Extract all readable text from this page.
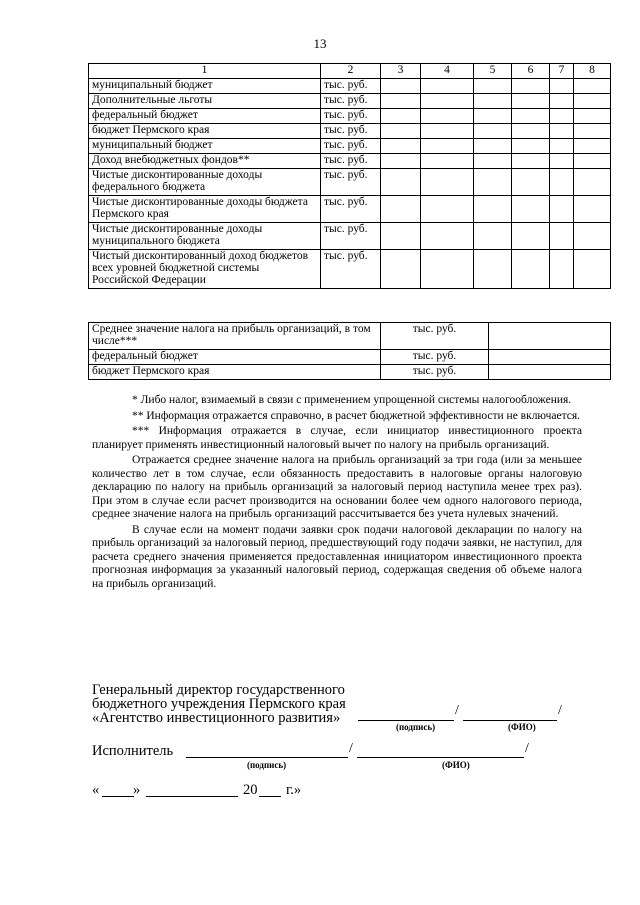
13
1	2	3	4	5	6	7	8
муниципальный бюджет	тыс. руб.						
Дополнительные льготы	тыс. руб.						
федеральный бюджет	тыс. руб.						
бюджет Пермского края	тыс. руб.						
муниципальный бюджет	тыс. руб.						
Доход внебюджетных фондов**	тыс. руб.						
Чистые дисконтированные доходы федерального бюджета	тыс. руб.						
Чистые дисконтированные доходы бюджета Пермского края	тыс. руб.						
Чистые дисконтированные доходы муниципального бюджета	тыс. руб.						
Чистый дисконтированный доход бюджетов всех уровней бюджетной системы Российской Федерации	тыс. руб.						
Среднее значение налога на прибыль организаций, в том числе***	тыс. руб.	
федеральный бюджет	тыс. руб.	
бюджет Пермского края	тыс. руб.	

* Либо налог, взимаемый в связи с применением упрощенной системы налогообложения.

** Информация отражается справочно, в расчет бюджетной эффективности не включается.

*** Информация отражается в случае, если инициатор инвестиционного проекта планирует применять инвестиционный налоговый вычет по налогу на прибыль организаций.

Отражается среднее значение налога на прибыль организаций за три года (или за меньшее количество лет в том случае, если обязанность предоставить в налоговые органы налоговую декларацию по налогу на прибыль организаций за налоговый период наступила менее трех раз). При этом в случае если расчет производится на основании более чем одного налогового периода, среднее значение налога на прибыль организаций рассчитывается без учета нулевых значений.

В случае если на момент подачи заявки срок подачи налоговой декларации по налогу на прибыль организаций за налоговый период, предшествующий году подачи заявки, не наступил, для расчета среднего значения применяется предоставленная инициатором инвестиционного проекта прогнозная информация за указанный налоговый период, содержащая сведения об объеме налога на прибыль организаций.

Генеральный директор государственного
бюджетного учреждения Пермского края
«Агентство инвестиционного развития»	/	/
(подпись)	(ФИО)
Исполнитель	/	/
(подпись)	(ФИО)
« »	20 г.»
